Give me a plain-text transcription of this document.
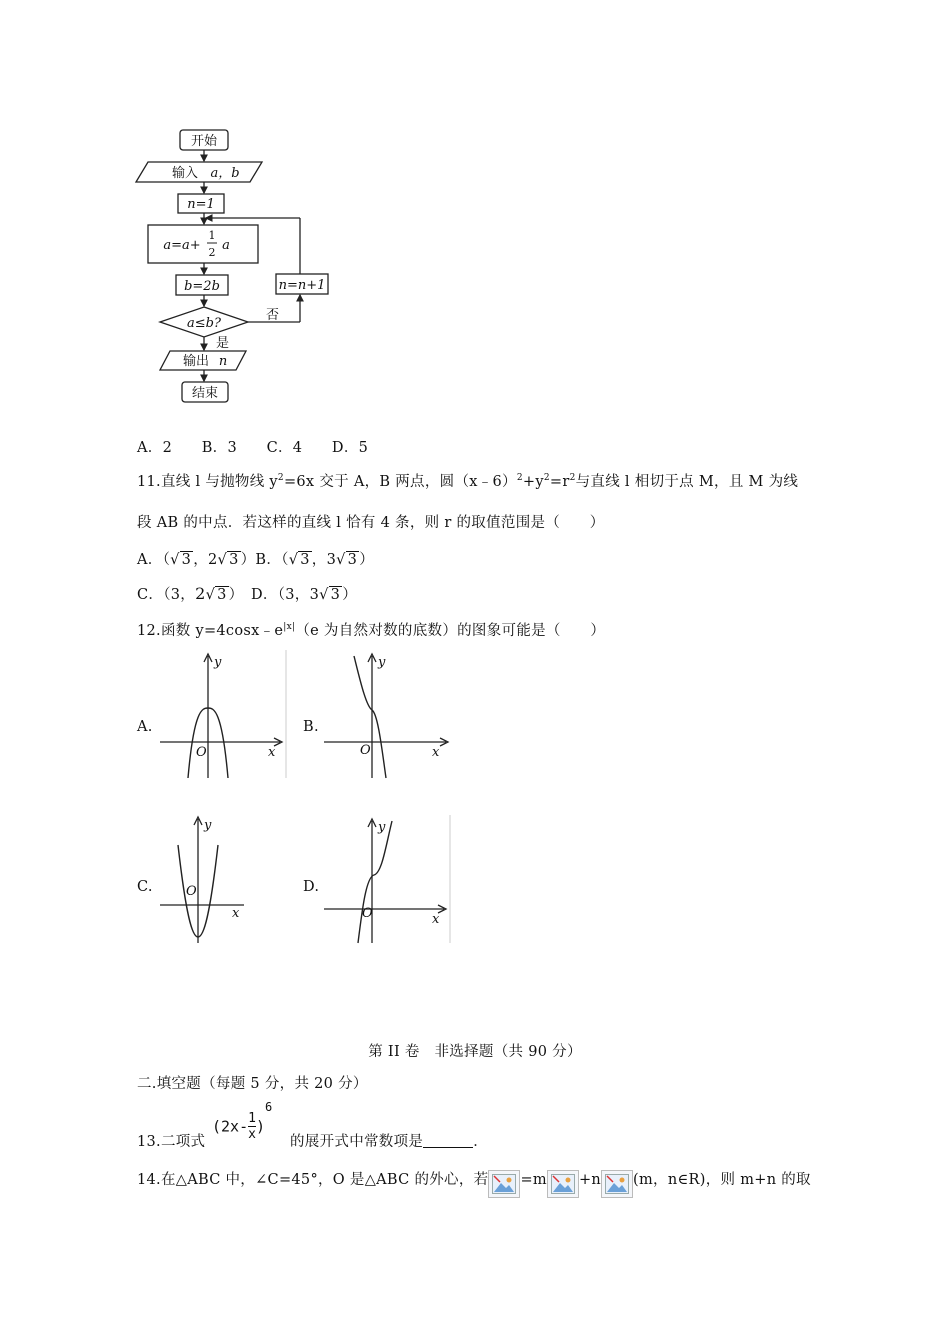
开始
输入 a，b
n=1
a=a+
1
2 a
b=2b
a≤b?
是
否
n=n+1
输出 n
结束
A．2　　B．3　　C．4　　D．5
11.直线 l 与抛物线 $y^2=6x$ 交于 A，B 两点，圆$(x﹣6)^2+y^2=r^2$与直线 l 相切于点 M，且 M 为线
段 AB 的中点．若这样的直线 l 恰有 4 条，则 r 的取值范围是（　　）
A．（√ 3 ，2√ 3 ）B．（√ 3 ，3√ 3 ）
C．（3，2√ 3 ）　D．（3，3√ 3 ）
12.函数 $y=4\cos x﹣e^{|x|}(e$ 为自然对数的底数）的图象可能是（　　）
A.	B.
C.	D.
y
x
O
y
x
O
y
x
O
y
x
O
第 II 卷　非选择题（共 90 分）
二.填空题（每题 5 分，共 20 分）
13.二项式
$(2x- \frac{1}{x} )^6$
的展开式中常数项是	．
14.在△ABC 中，∠C=45°，O 是△ABC 的外心，若 =m +n (m，n∈R)，则 m+n 的取
